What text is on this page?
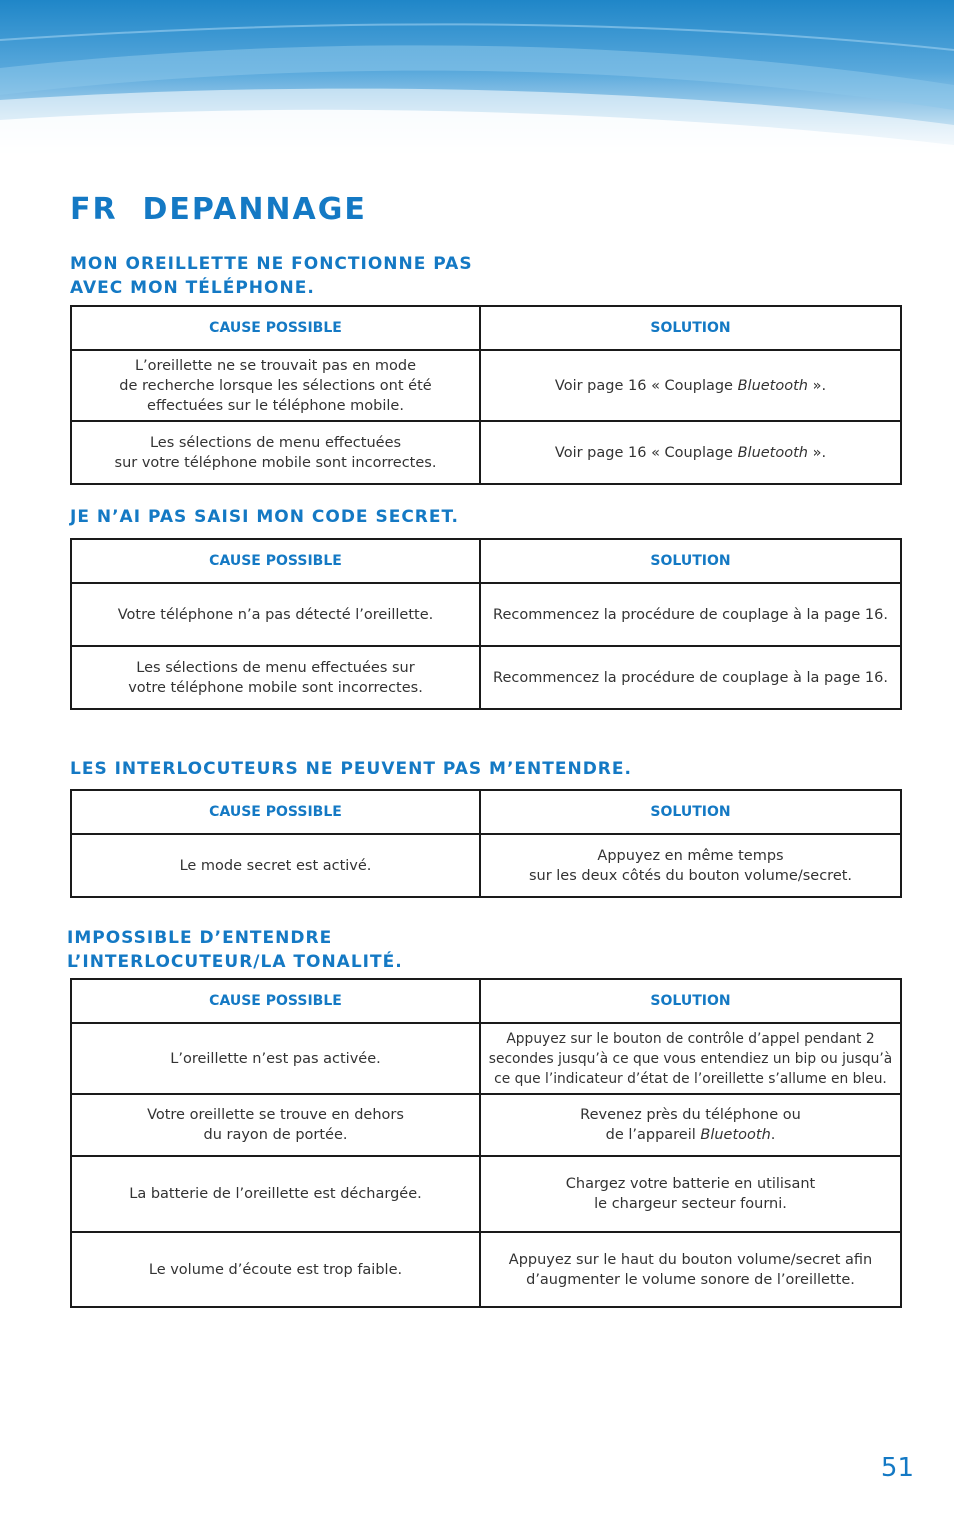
FR  DEPANNAGE
MON OREILLETTE NE FONCTIONNE PAS
AVEC MON TÉLÉPHONE.
CAUSE POSSIBLE	SOLUTION

L’oreillette ne se trouvait pas en mode
de recherche lorsque les sélections ont été
effectuées sur le téléphone mobile.	Voir page 16 « Couplage Bluetooth ».

Les sélections de menu effectuées
sur votre téléphone mobile sont incorrectes.	Voir page 16 « Couplage Bluetooth ».
JE N’AI PAS SAISI MON CODE SECRET.
CAUSE POSSIBLE	SOLUTION

Votre téléphone n’a pas détecté l’oreillette.	Recommencez la procédure de couplage à la page 16.

Les sélections de menu effectuées sur
votre téléphone mobile sont incorrectes.	Recommencez la procédure de couplage à la page 16.
LES INTERLOCUTEURS NE PEUVENT PAS M’ENTENDRE.
CAUSE POSSIBLE	SOLUTION

Le mode secret est activé.	Appuyez en même temps
sur les deux côtés du bouton volume/secret.
IMPOSSIBLE D’ENTENDRE
L’INTERLOCUTEUR/LA TONALITÉ.
CAUSE POSSIBLE	SOLUTION

L’oreillette n’est pas activée.	Appuyez sur le bouton de contrôle d’appel pendant 2
secondes jusqu’à ce que vous entendiez un bip ou jusqu’à
ce que l’indicateur d’état de l’oreillette s’allume en bleu.

Votre oreillette se trouve en dehors
du rayon de portée.	Revenez près du téléphone ou
de l’appareil Bluetooth.

La batterie de l’oreillette est déchargée.	Chargez votre batterie en utilisant
le chargeur secteur fourni.

Le volume d’écoute est trop faible.	Appuyez sur le haut du bouton volume/secret afin
d’augmenter le volume sonore de l’oreillette.
51
